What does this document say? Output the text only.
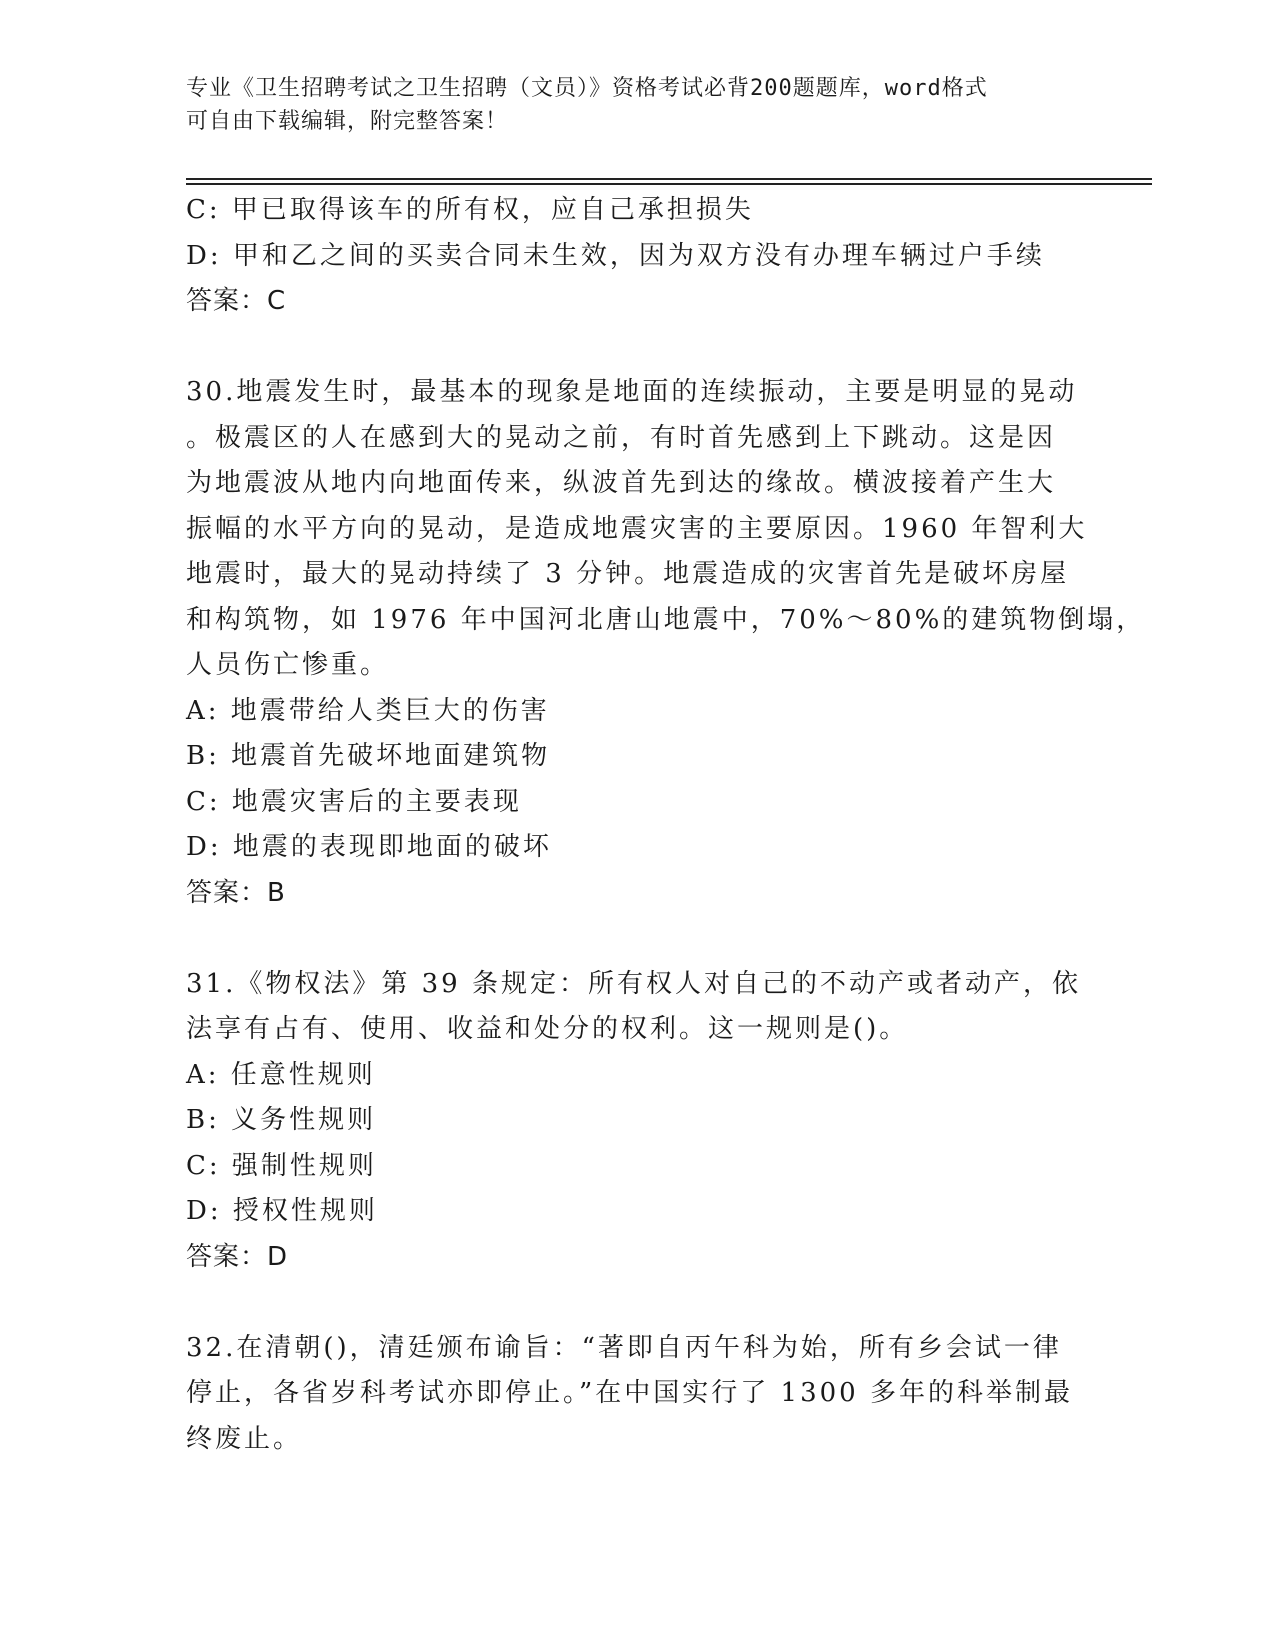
专业《卫生招聘考试之卫生招聘（文员）》资格考试必背200题题库，word格式
可自由下载编辑，附完整答案！
C: 甲已取得该车的所有权，应自己承担损失
D: 甲和乙之间的买卖合同未生效，因为双方没有办理车辆过户手续
答案：C
30.地震发生时，最基本的现象是地面的连续振动，主要是明显的晃动
。极震区的人在感到大的晃动之前，有时首先感到上下跳动。这是因
为地震波从地内向地面传来，纵波首先到达的缘故。横波接着产生大
振幅的水平方向的晃动，是造成地震灾害的主要原因。1960 年智利大
地震时，最大的晃动持续了 3 分钟。地震造成的灾害首先是破坏房屋
和构筑物，如 1976 年中国河北唐山地震中，70%～80%的建筑物倒塌，
人员伤亡惨重。
A: 地震带给人类巨大的伤害
B: 地震首先破坏地面建筑物
C: 地震灾害后的主要表现
D: 地震的表现即地面的破坏
答案：B
31.《物权法》第 39 条规定：所有权人对自己的不动产或者动产，依
法享有占有、使用、收益和处分的权利。这一规则是()。
A: 任意性规则
B: 义务性规则
C: 强制性规则
D: 授权性规则
答案：D
32.在清朝()，清廷颁布谕旨：“著即自丙午科为始，所有乡会试一律
停止，各省岁科考试亦即停止。”在中国实行了 1300 多年的科举制最
终废止。
